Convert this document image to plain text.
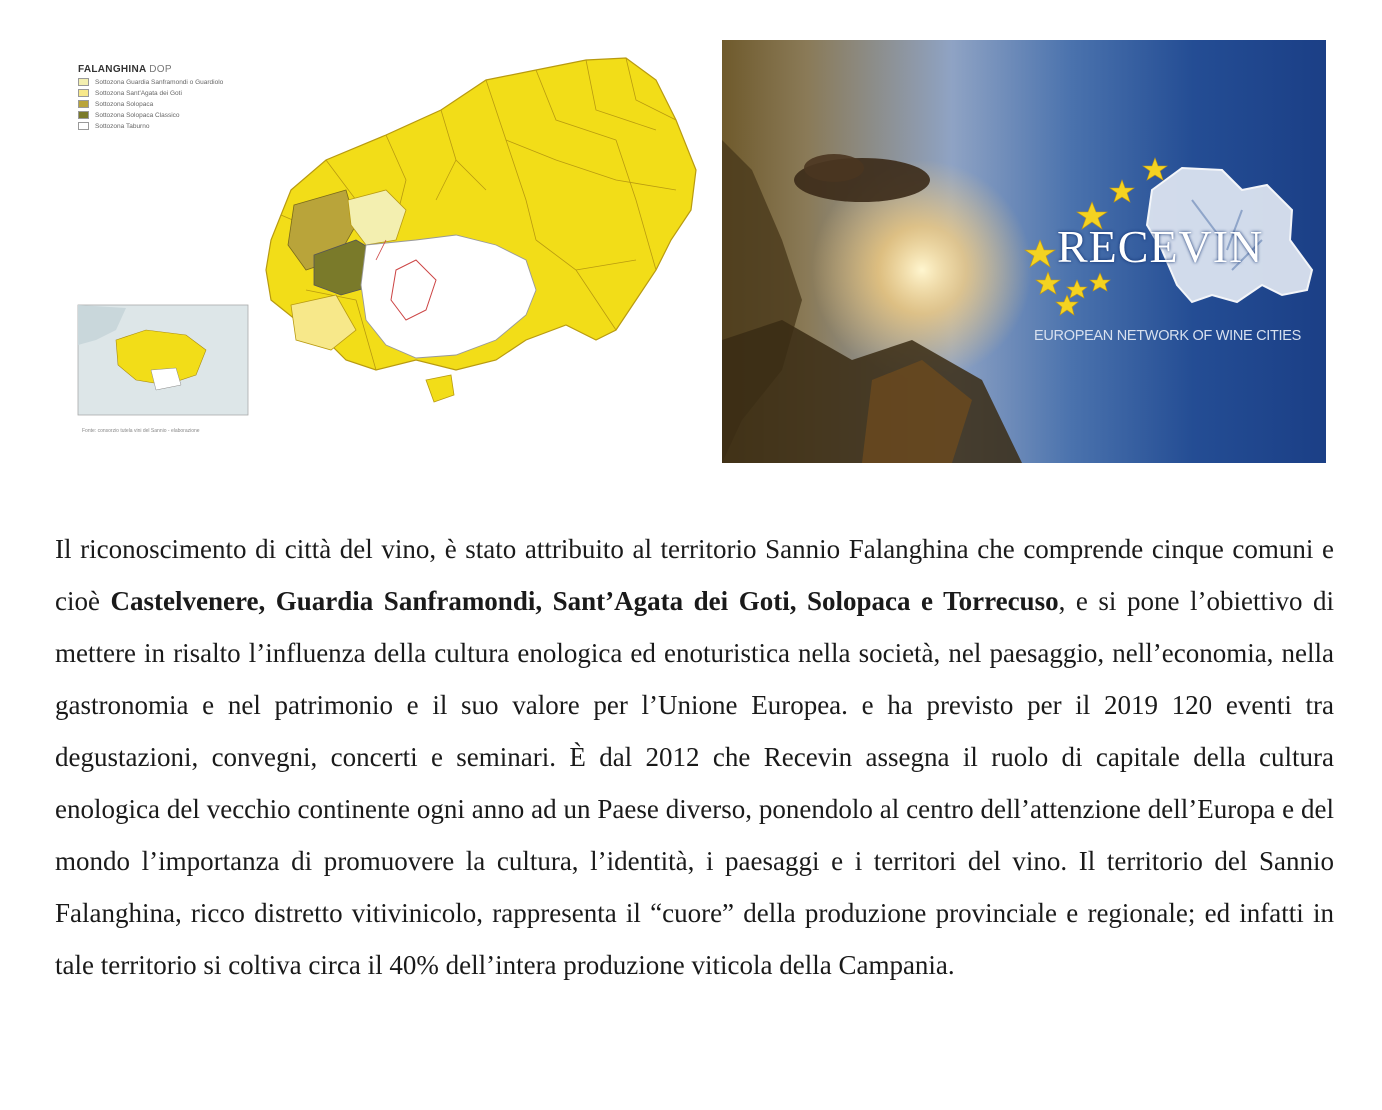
FALANGHINA DOP
Sottozona Guardia Sanframondi o Guardiolo
Sottozona Sant'Agata dei Goti
Sottozona Solopaca
Sottozona Solopaca Classico
Sottozona Taburno
Fonte: consorzio tutela vini del Sannio - elaborazione
RECEVIN
EUROPEAN NETWORK OF WINE CITIES

Il riconoscimento di città del vino, è stato attribuito al territorio Sannio Falanghina che comprende cinque comuni e cioè Castelvenere, Guardia Sanframondi, Sant’Agata dei Goti, Solopaca e Torrecuso, e si pone l’obiettivo di mettere in risalto l’influenza della cultura enologica ed enoturistica nella società, nel paesaggio, nell’economia, nella gastronomia e nel patrimonio e il suo valore per l’Unione Europea. e ha previsto per il 2019 120 eventi tra degustazioni, convegni, concerti e seminari. È dal 2012 che Recevin assegna il ruolo di capitale della cultura enologica del vecchio continente ogni anno ad un Paese diverso, ponendolo al centro dell’attenzione dell’Europa e del mondo l’importanza di promuovere la cultura, l’identità, i paesaggi e i territori del vino. Il territorio del Sannio Falanghina, ricco distretto vitivinicolo, rappresenta il “cuore” della produzione provinciale e regionale; ed infatti in tale territorio si coltiva circa il 40% dell’intera produzione viticola della Campania.
